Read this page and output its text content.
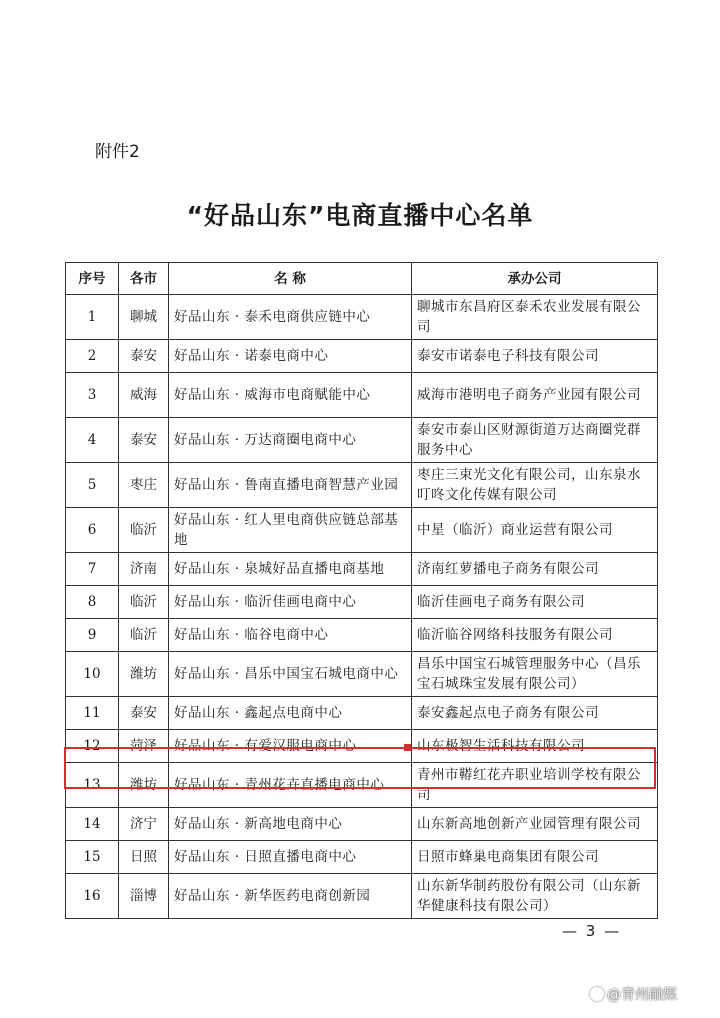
附件2
“好品山东”电商直播中心名单
序号	各市	名 称	承办公司
1	聊城	好品山东 · 泰禾电商供应链中心	聊城市东昌府区泰禾农业发展有限公司
2	泰安	好品山东 · 诺泰电商中心	泰安市诺泰电子科技有限公司
3	威海	好品山东 · 威海市电商赋能中心	威海市港明电子商务产业园有限公司
4	泰安	好品山东 · 万达商圈电商中心	泰安市泰山区财源街道万达商圈党群服务中心
5	枣庄	好品山东 · 鲁南直播电商智慧产业园	枣庄三束光文化有限公司，山东泉水叮咚文化传媒有限公司
6	临沂	好品山东 · 红人里电商供应链总部基地	中星（临沂）商业运营有限公司
7	济南	好品山东 · 泉城好品直播电商基地	济南红萝播电子商务有限公司
8	临沂	好品山东 · 临沂佳画电商中心	临沂佳画电子商务有限公司
9	临沂	好品山东 · 临谷电商中心	临沂临谷网络科技服务有限公司
10	潍坊	好品山东 · 昌乐中国宝石城电商中心	昌乐中国宝石城管理服务中心（昌乐宝石城珠宝发展有限公司）
11	泰安	好品山东 · 鑫起点电商中心	泰安鑫起点电子商务有限公司
12	菏泽	好品山东 · 有爱汉服电商中心	山东极智生活科技有限公司
13	潍坊	好品山东 · 青州花卉直播电商中心	青州市鞯红花卉职业培训学校有限公司
14	济宁	好品山东 · 新高地电商中心	山东新高地创新产业园管理有限公司
15	日照	好品山东 · 日照直播电商中心	日照市蜂巢电商集团有限公司
16	淄博	好品山东 · 新华医药电商创新园	山东新华制药股份有限公司（山东新华健康科技有限公司）
— 3 —
@青州融媒
